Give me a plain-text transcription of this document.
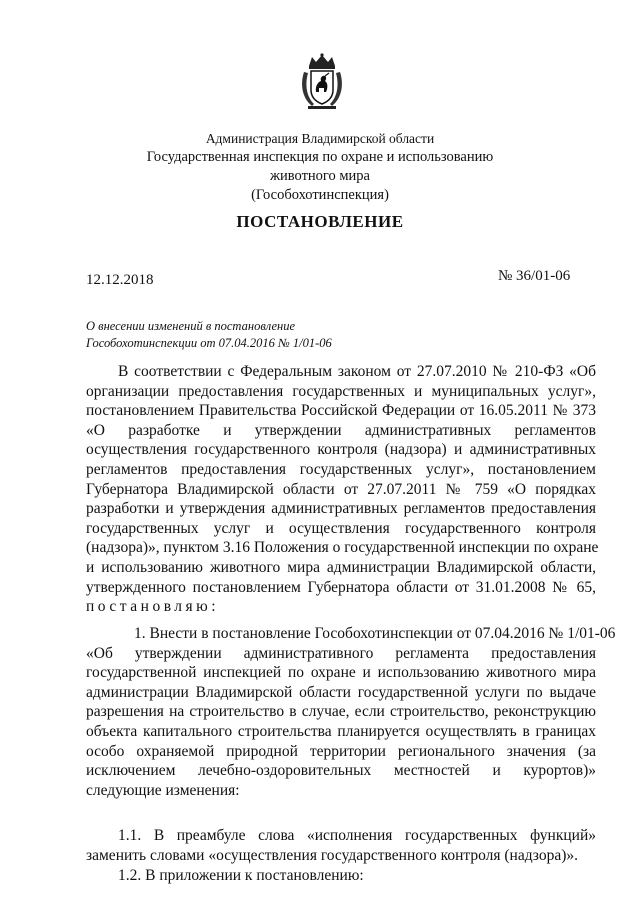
Администрация Владимирской области
Государственная инспекция по охране и использованию
животного мира
(Гособохотинспекция)
ПОСТАНОВЛЕНИЕ
12.12.2018	№ 36/01-06
О внесении изменений в постановление
Гособохотинспекции от 07.04.2016 № 1/01-06
В соответствии с Федеральным законом от 27.07.2010 № 210-ФЗ «Об
организации предоставления государственных и муниципальных услуг»,
постановлением Правительства Российской Федерации от 16.05.2011 № 373
«О разработке и утверждении административных регламентов
осуществления государственного контроля (надзора) и административных
регламентов предоставления государственных услуг», постановлением
Губернатора Владимирской области от 27.07.2011 № 759 «О порядках
разработки и утверждения административных регламентов предоставления
государственных услуг и осуществления государственного контроля
(надзора)», пунктом 3.16 Положения о государственной инспекции по охране
и использованию животного мира администрации Владимирской области,
утвержденного постановлением Губернатора области от 31.01.2008 № 65,
постановляю:
1. Внести в постановление Гособохотинспекции от 07.04.2016 № 1/01-06
«Об утверждении административного регламента предоставления
государственной инспекцией по охране и использованию животного мира
администрации Владимирской области государственной услуги по выдаче
разрешения на строительство в случае, если строительство, реконструкцию
объекта капитального строительства планируется осуществлять в границах
особо охраняемой природной территории регионального значения (за
исключением лечебно-оздоровительных местностей и курортов)»
следующие изменения:
1.1. В преамбуле слова «исполнения государственных функций»
заменить словами «осуществления государственного контроля (надзора)».
1.2. В приложении к постановлению:
